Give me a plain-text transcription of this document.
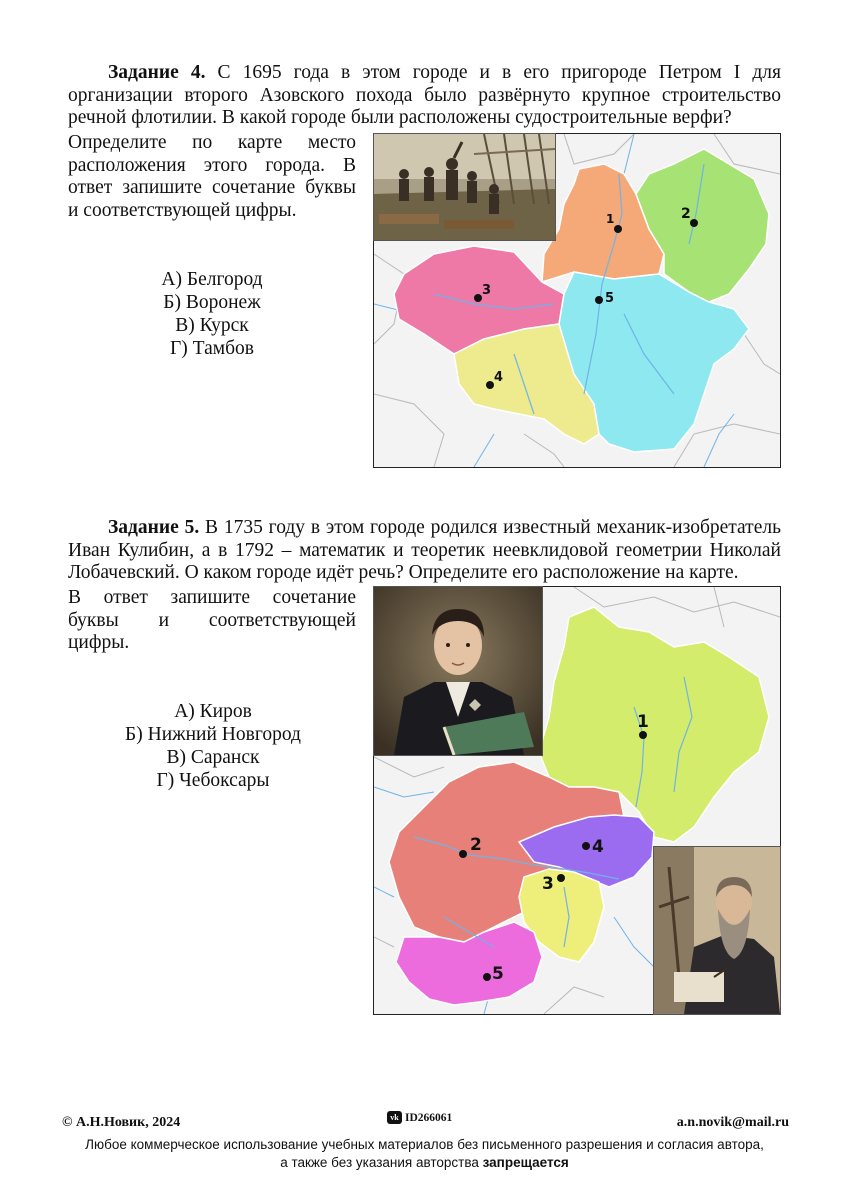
Задание 4. С 1695 года в этом городе и в его пригороде Петром I для организации второго Азовского похода было развёрнуто крупное строительство речной флотилии. В какой городе были расположены судостроительные верфи?

Определите по карте место
расположения этого города. В
ответ запишите сочетание буквы
и соответствующей цифры.
А) Белгород
Б) Воронеж
В) Курск
Г) Тамбов
1	2
3
5
4

Задание 5. В 1735 году в этом городе родился известный механик-изобретатель Иван Кулибин, а в 1792 – математик и теоретик неевклидовой геометрии Николай Лобачевский. О каком городе идёт речь? Определите его расположение на карте.

В ответ запишите сочетание
буквы и соответствующей
цифры.
А) Киров
Б) Нижний Новгород
В) Саранск
Г) Чебоксары
1
2
3
4
5
© А.Н.Новик, 2024	vk ID266061	a.n.novik@mail.ru
Любое коммерческое использование учебных материалов без письменного разрешения и согласия автора,
а также без указания авторства запрещается
